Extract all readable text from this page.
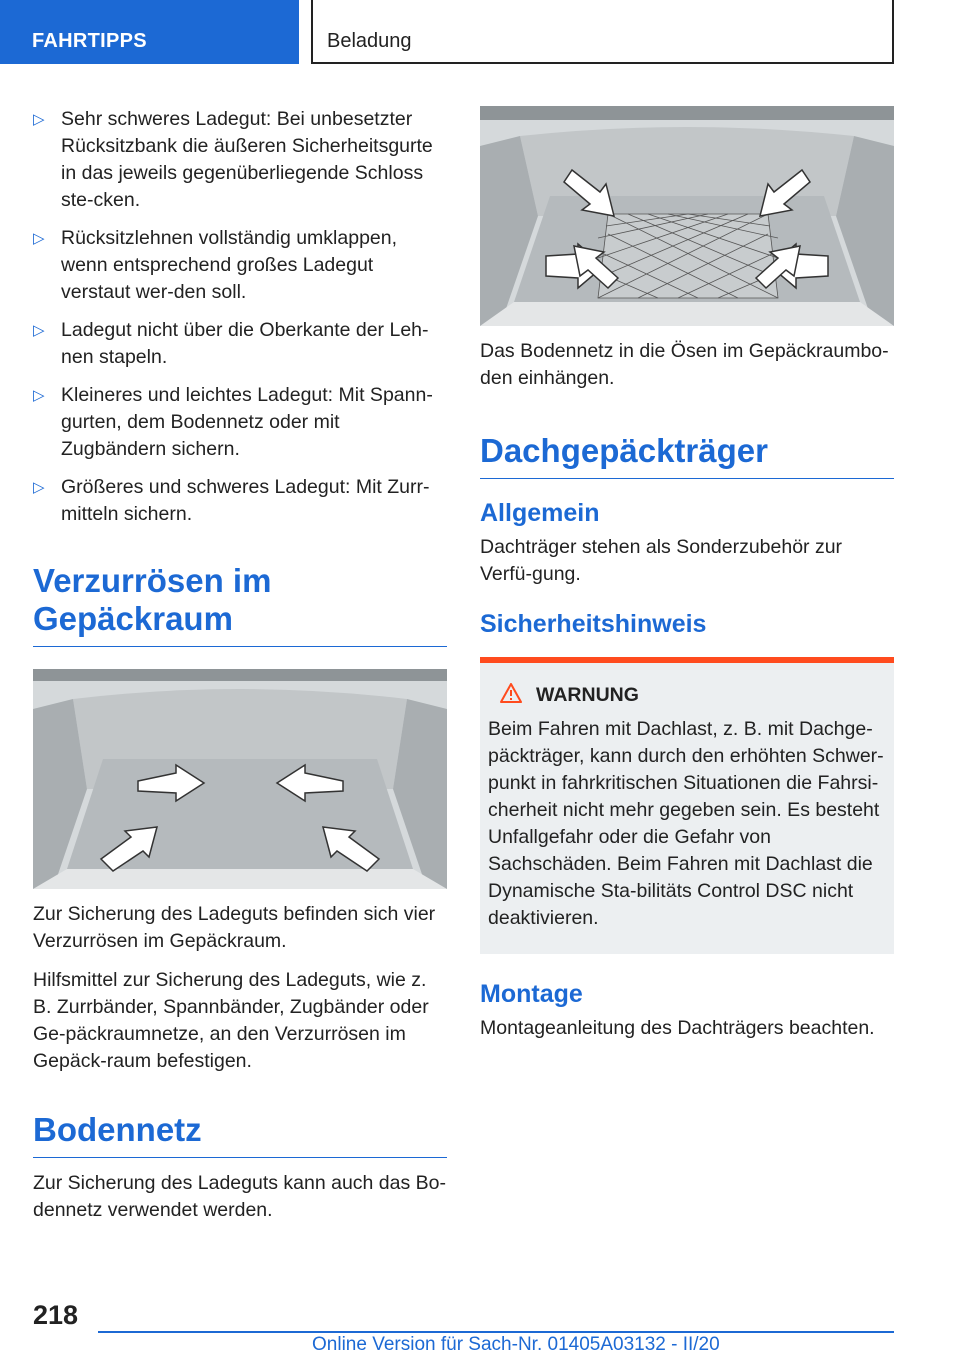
FAHRTIPPS	Beladung
▷ Sehr schweres Ladegut: Bei unbesetzter Rücksitzbank die äußeren Sicherheitsgurte in das jeweils gegenüberliegende Schloss ste-cken.
▷ Rücksitzlehnen vollständig umklappen, wenn entsprechend großes Ladegut verstaut wer-den soll.
▷ Ladegut nicht über die Oberkante der Leh-nen stapeln.
▷ Kleineres und leichtes Ladegut: Mit Spann-gurten, dem Bodennetz oder mit Zugbändern sichern.
▷ Größeres und schweres Ladegut: Mit Zurr-mitteln sichern.
Verzurrösen im Gepäckraum

Zur Sicherung des Ladeguts befinden sich vier Verzurrösen im Gepäckraum.

Hilfsmittel zur Sicherung des Ladeguts, wie z. B. Zurrbänder, Spannbänder, Zugbänder oder Ge-päckraumnetze, an den Verzurrösen im Gepäck-raum befestigen.

Bodennetz

Zur Sicherung des Ladeguts kann auch das Bo-dennetz verwendet werden.

Das Bodennetz in die Ösen im Gepäckraumbo-den einhängen.

Dachgepäckträger
Allgemein

Dachträger stehen als Sonderzubehör zur Verfü-gung.

Sicherheitshinweis
WARNUNG

Beim Fahren mit Dachlast, z. B. mit Dachge-päckträger, kann durch den erhöhten Schwer-punkt in fahrkritischen Situationen die Fahrsi-cherheit nicht mehr gegeben sein. Es besteht Unfallgefahr oder die Gefahr von Sachschäden. Beim Fahren mit Dachlast die Dynamische Sta-bilitäts Control DSC nicht deaktivieren.

Montage

Montageanleitung des Dachträgers beachten.

218
Online Version für Sach-Nr. 01405A03132 - II/20
